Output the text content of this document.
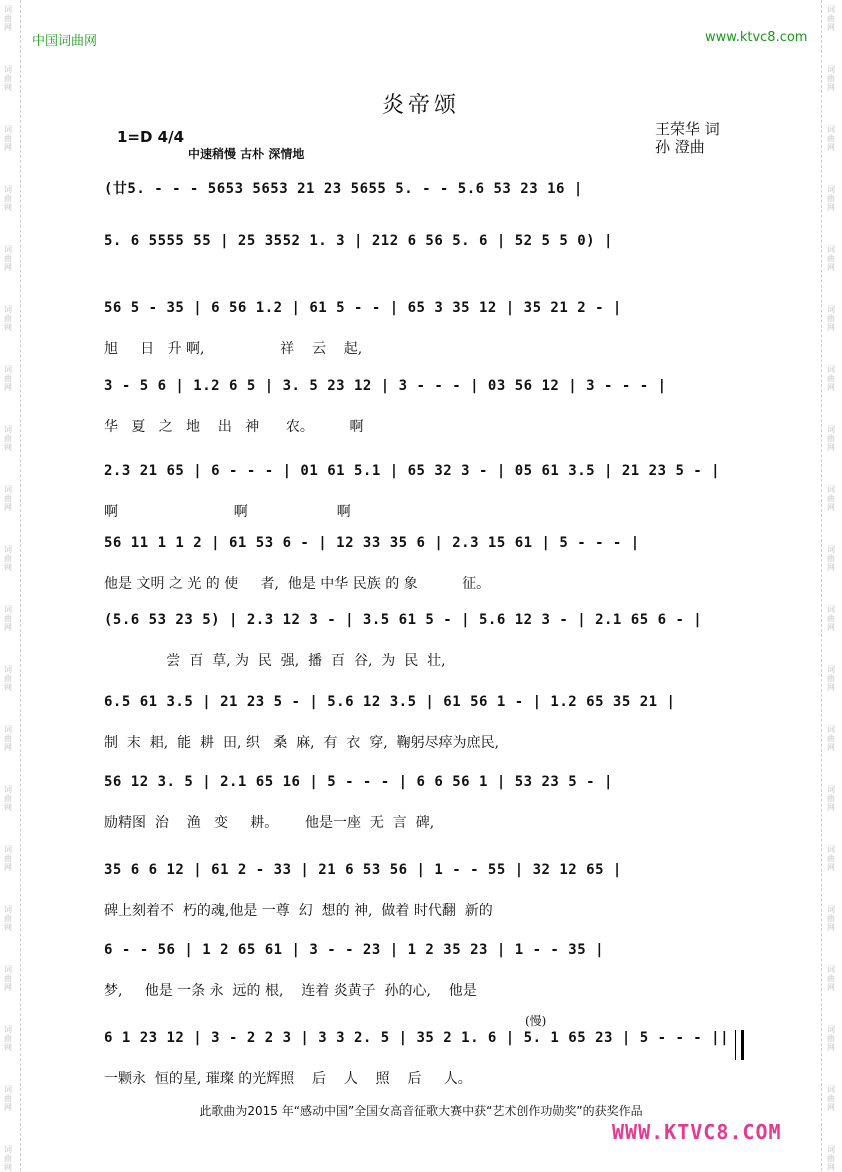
词
曲
网
词
曲
网
词
曲
网
词
曲
网
词
曲
网
词
曲
网
词
曲
网
词
曲
网
词
曲
网
词
曲
网
词
曲
网
词
曲
网
词
曲
网
词
曲
网
词
曲
网
词
曲
网
词
曲
网
词
曲
网
词
曲
网
词
曲
网
词
曲
网
词
曲
网
词
曲
网
词
曲
网
词
曲
网
词
曲
网
词
曲
网
词
曲
网
词
曲
网
词
曲
网
词
曲
网
词
曲
网
词
曲
网
词
曲
网
词
曲
网
词
曲
网
词
曲
网
词
曲
网
词
曲
网
词
曲
网
中国词曲网	www.ktvc8.com
炎帝颂
1=D 4/4
中速稍慢 古朴 深情地
王荣华 词
孙 澄曲
(廿5. - - - 5653 5653 21 23 5655 5. - - 5.6 53 23 16 |
5. 6 5555 55 | 25 3552 1. 3 | 212 6 56 5. 6 | 52 5 5 0) |
56 5 - 35 | 6 56 1.2 | 61 5 - - | 65 3 35 12 | 35 21 2 - |
旭     日   升 啊,                 祥    云    起,
3 - 5 6 | 1.2 6 5 | 3. 5 23 12 | 3 - - - | 03 56 12 | 3 - - - |
华   夏   之   地    出   神      农。        啊
2.3 21 65 | 6 - - - | 01 61 5.1 | 65 32 3 - | 05 61 3.5 | 21 23 5 - |
啊                          啊                    啊
56 11 1 1 2 | 61 53 6 - | 12 33 35 6 | 2.3 15 61 | 5 - - - |
他是 文明 之 光 的 使     者,  他是 中华 民族 的 象          征。
(5.6 53 23 5) | 2.3 12 3 - | 3.5 61 5 - | 5.6 12 3 - | 2.1 65 6 - |
尝  百  草, 为  民  强,  播  百  谷,  为  民  壮,
6.5 61 3.5 | 21 23 5 - | 5.6 12 3.5 | 61 56 1 - | 1.2 65 35 21 |
制  末  耜,  能  耕  田, 织   桑  麻,  有  衣  穿,  鞠躬尽瘁为庶民,
56 12 3. 5 | 2.1 65 16 | 5 - - - | 6 6 56 1 | 53 23 5 - |
励精图  治    渔   变     耕。      他是一座  无  言  碑,
35 6 6 12 | 61 2 - 33 | 21 6 53 56 | 1 - - 55 | 32 12 65 |
碑上刻着不  朽的魂,他是 一尊  幻  想的 神,  做着 时代翻  新的
6 - - 56 | 1 2 65 61 | 3 - - 23 | 1 2 35 23 | 1 - - 35 |
梦,     他是 一条 永  远的 根,    连着 炎黄子  孙的心,    他是
6 1 23 12 | 3 - 2 2 3 | 3 3 2. 5 | 35 2 1. 6 | 5. 1 65 23 | 5 - - - ||
一颗永  恒的星, 璀璨 的光辉照    后    人    照    后     人。
(慢)
此歌曲为2015 年“感动中国”全国女高音征歌大赛中获“艺术创作功勋奖”的获奖作品
WWW.KTVC8.COM
